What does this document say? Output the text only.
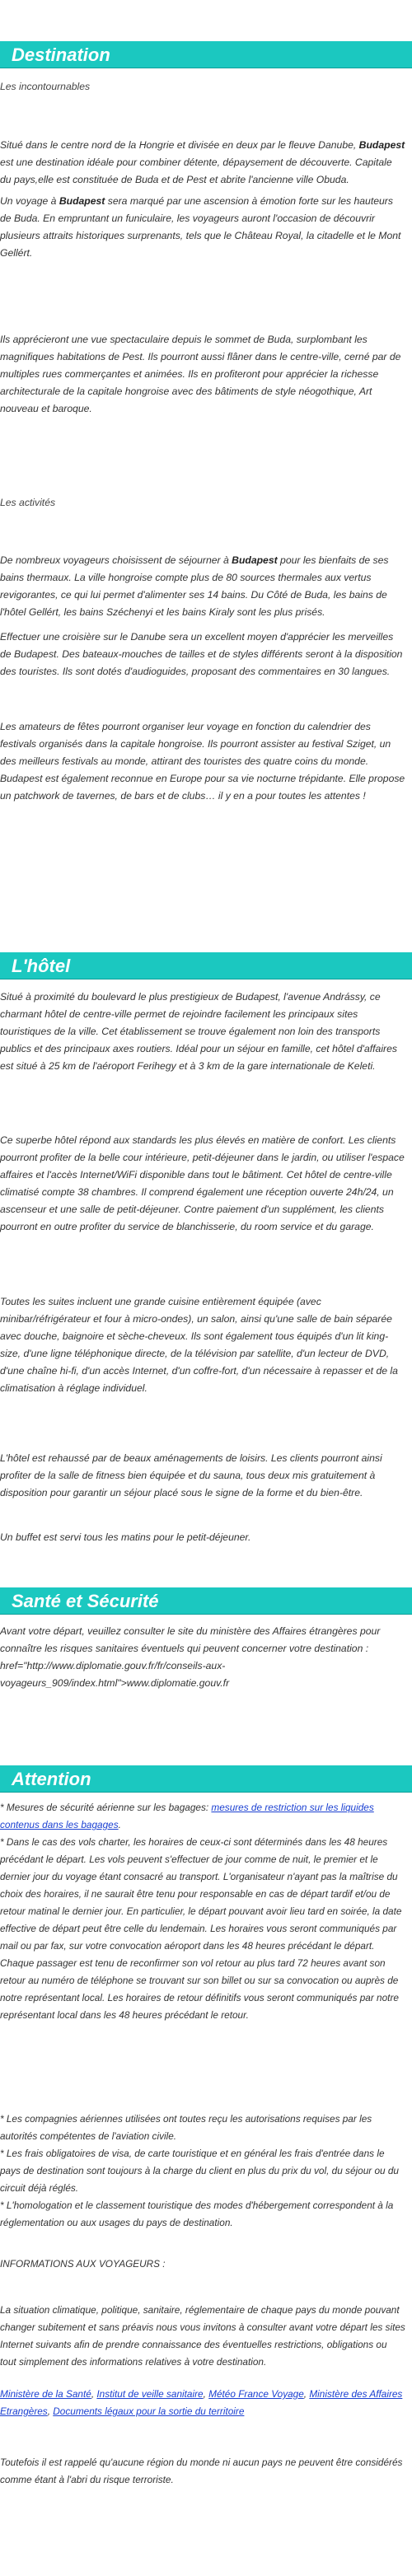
Destination

Les incontournables

Situé dans le centre nord de la Hongrie et divisée en deux par le fleuve Danube, Budapest est une destination idéale pour combiner détente, dépaysement de découverte. Capitale du pays,elle est constituée de Buda et de Pest et abrite l'ancienne ville Obuda.

Un voyage à Budapest sera marqué par une ascension à émotion forte sur les hauteurs de Buda. En empruntant un funiculaire, les voyageurs auront l'occasion de découvrir plusieurs attraits historiques surprenants, tels que le Château Royal, la citadelle et le Mont Gellért.

Ils apprécieront une vue spectaculaire depuis le sommet de Buda, surplombant les magnifiques habitations de Pest. Ils pourront aussi flâner dans le centre-ville, cerné par de multiples rues commerçantes et animées. Ils en profiteront pour apprécier la richesse architecturale de la capitale hongroise avec des bâtiments de style néogothique, Art nouveau et baroque.

Les activités

De nombreux voyageurs choisissent de séjourner à Budapest pour les bienfaits de ses bains thermaux. La ville hongroise compte plus de 80 sources thermales aux vertus revigorantes, ce qui lui permet d'alimenter ses 14 bains. Du Côté de Buda, les bains de l'hôtel Gellért, les bains Széchenyi et les bains Kiraly sont les plus prisés.

Effectuer une croisière sur le Danube sera un excellent moyen d'apprécier les merveilles de Budapest. Des bateaux-mouches de tailles et de styles différents seront à la disposition des touristes. Ils sont dotés d'audioguides, proposant des commentaires en 30 langues.

Les amateurs de fêtes pourront organiser leur voyage en fonction du calendrier des festivals organisés dans la capitale hongroise. Ils pourront assister au festival Sziget, un des meilleurs festivals au monde, attirant des touristes des quatre coins du monde. Budapest est également reconnue en Europe pour sa vie nocturne trépidante. Elle propose un patchwork de tavernes, de bars et de clubs… il y en a pour toutes les attentes !

L'hôtel

Situé à proximité du boulevard le plus prestigieux de Budapest, l'avenue Andrássy, ce charmant hôtel de centre-ville permet de rejoindre facilement les principaux sites touristiques de la ville. Cet établissement se trouve également non loin des transports publics et des principaux axes routiers. Idéal pour un séjour en famille, cet hôtel d'affaires est situé à 25 km de l'aéroport Ferihegy et à 3 km de la gare internationale de Keleti.

Ce superbe hôtel répond aux standards les plus élevés en matière de confort. Les clients pourront profiter de la belle cour intérieure, petit-déjeuner dans le jardin, ou utiliser l'espace affaires et l'accès Internet/WiFi disponible dans tout le bâtiment. Cet hôtel de centre-ville climatisé compte 38 chambres. Il comprend également une réception ouverte 24h/24, un ascenseur et une salle de petit-déjeuner. Contre paiement d'un supplément, les clients pourront en outre profiter du service de blanchisserie, du room service et du garage.

Toutes les suites incluent une grande cuisine entièrement équipée (avec minibar/réfrigérateur et four à micro-ondes), un salon, ainsi qu'une salle de bain séparée avec douche, baignoire et sèche-cheveux. Ils sont également tous équipés d'un lit king-size, d'une ligne téléphonique directe, de la télévision par satellite, d'un lecteur de DVD, d'une chaîne hi-fi, d'un accès Internet, d'un coffre-fort, d'un nécessaire à repasser et de la climatisation à réglage individuel.

L'hôtel est rehaussé par de beaux aménagements de loisirs. Les clients pourront ainsi profiter de la salle de fitness bien équipée et du sauna, tous deux mis gratuitement à disposition pour garantir un séjour placé sous le signe de la forme et du bien-être.

Un buffet est servi tous les matins pour le petit-déjeuner.

Santé et Sécurité

Avant votre départ, veuillez consulter le site du ministère des Affaires étrangères pour connaître les risques sanitaires éventuels qui peuvent concerner votre destination : href="http://www.diplomatie.gouv.fr/fr/conseils-aux-voyageurs_909/index.html">www.diplomatie.gouv.fr

Attention

* Mesures de sécurité aérienne sur les bagages: mesures de restriction sur les liquides contenus dans les bagages.

* Dans le cas des vols charter, les horaires de ceux-ci sont déterminés dans les 48 heures précédant le départ. Les vols peuvent s'effectuer de jour comme de nuit, le premier et le dernier jour du voyage étant consacré au transport. L'organisateur n'ayant pas la maîtrise du choix des horaires, il ne saurait être tenu pour responsable en cas de départ tardif et/ou de retour matinal le dernier jour. En particulier, le départ pouvant avoir lieu tard en soirée, la date effective de départ peut être celle du lendemain. Les horaires vous seront communiqués par mail ou par fax, sur votre convocation aéroport dans les 48 heures précédant le départ. Chaque passager est tenu de reconfirmer son vol retour au plus tard 72 heures avant son retour au numéro de téléphone se trouvant sur son billet ou sur sa convocation ou auprès de notre représentant local. Les horaires de retour définitifs vous seront communiqués par notre représentant local dans les 48 heures précédant le retour.

* Les compagnies aériennes utilisées ont toutes reçu les autorisations requises par les autorités compétentes de l'aviation civile.

* Les frais obligatoires de visa, de carte touristique et en général les frais d'entrée dans le pays de destination sont toujours à la charge du client en plus du prix du vol, du séjour ou du circuit déjà réglés.

* L'homologation et le classement touristique des modes d'hébergement correspondent à la réglementation ou aux usages du pays de destination.

INFORMATIONS AUX VOYAGEURS :

La situation climatique, politique, sanitaire, réglementaire de chaque pays du monde pouvant changer subitement et sans préavis nous vous invitons à consulter avant votre départ les sites Internet suivants afin de prendre connaissance des éventuelles restrictions, obligations ou tout simplement des informations relatives à votre destination.

Ministère de la Santé, Institut de veille sanitaire, Météo France Voyage, Ministère des Affaires Etrangères, Documents légaux pour la sortie du territoire

Toutefois il est rappelé qu'aucune région du monde ni aucun pays ne peuvent être considérés comme étant à l'abri du risque terroriste.
